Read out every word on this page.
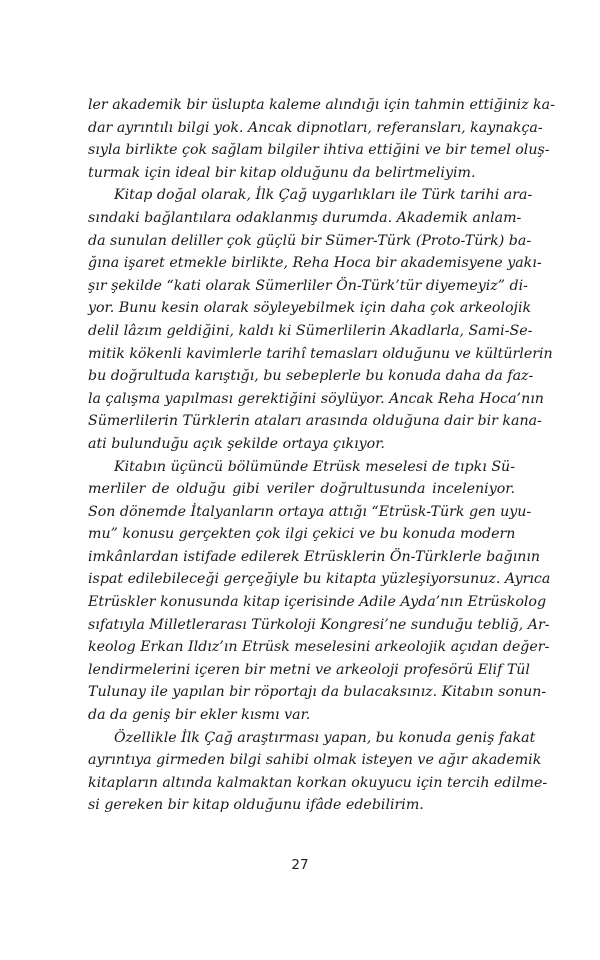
ler akademik bir üslupta kaleme alındığı için tahmin ettiğiniz ka-
dar ayrıntılı bilgi yok. Ancak dipnotları, referansları, kaynakça-
sıyla birlikte çok sağlam bilgiler ihtiva ettiğini ve bir temel oluş-
turmak için ideal bir kitap olduğunu da belirtmeliyim.
Kitap doğal olarak, İlk Çağ uygarlıkları ile Türk tarihi ara-
sındaki bağlantılara odaklanmış durumda. Akademik anlam-
da sunulan deliller çok güçlü bir Sümer-Türk (Proto-Türk) ba-
ğına işaret etmekle birlikte, Reha Hoca bir akademisyene yakı-
şır şekilde “kati olarak Sümerliler Ön-Türk’tür diyemeyiz” di-
yor. Bunu kesin olarak söyleyebilmek için daha çok arkeolojik
delil lâzım geldiğini, kaldı ki Sümerlilerin Akadlarla, Sami-Se-
mitik kökenli kavimlerle tarihî temasları olduğunu ve kültürlerin
bu doğrultuda karıştığı, bu sebeplerle bu konuda daha da faz-
la çalışma yapılması gerektiğini söylüyor. Ancak Reha Hoca’nın
Sümerlilerin Türklerin ataları arasında olduğuna dair bir kana-
ati bulunduğu açık şekilde ortaya çıkıyor.
Kitabın üçüncü bölümünde Etrüsk meselesi de tıpkı Sü-
merliler de olduğu gibi veriler doğrultusunda inceleniyor.
Son dönemde İtalyanların ortaya attığı “Etrüsk-Türk gen uyu-
mu” konusu gerçekten çok ilgi çekici ve bu konuda modern
imkânlardan istifade edilerek Etrüsklerin Ön-Türklerle bağının
ispat edilebileceği gerçeğiyle bu kitapta yüzleşiyorsunuz. Ayrıca
Etrüskler konusunda kitap içerisinde Adile Ayda’nın Etrüskolog
sıfatıyla Milletlerarası Türkoloji Kongresi’ne sunduğu tebliğ, Ar-
keolog Erkan Ildız’ın Etrüsk meselesini arkeolojik açıdan değer-
lendirmelerini içeren bir metni ve arkeoloji profesörü Elif Tül
Tulunay ile yapılan bir röportajı da bulacaksınız. Kitabın sonun-
da da geniş bir ekler kısmı var.
Özellikle İlk Çağ araştırması yapan, bu konuda geniş fakat
ayrıntıya girmeden bilgi sahibi olmak isteyen ve ağır akademik
kitapların altında kalmaktan korkan okuyucu için tercih edilme-
si gereken bir kitap olduğunu ifâde edebilirim.
27
